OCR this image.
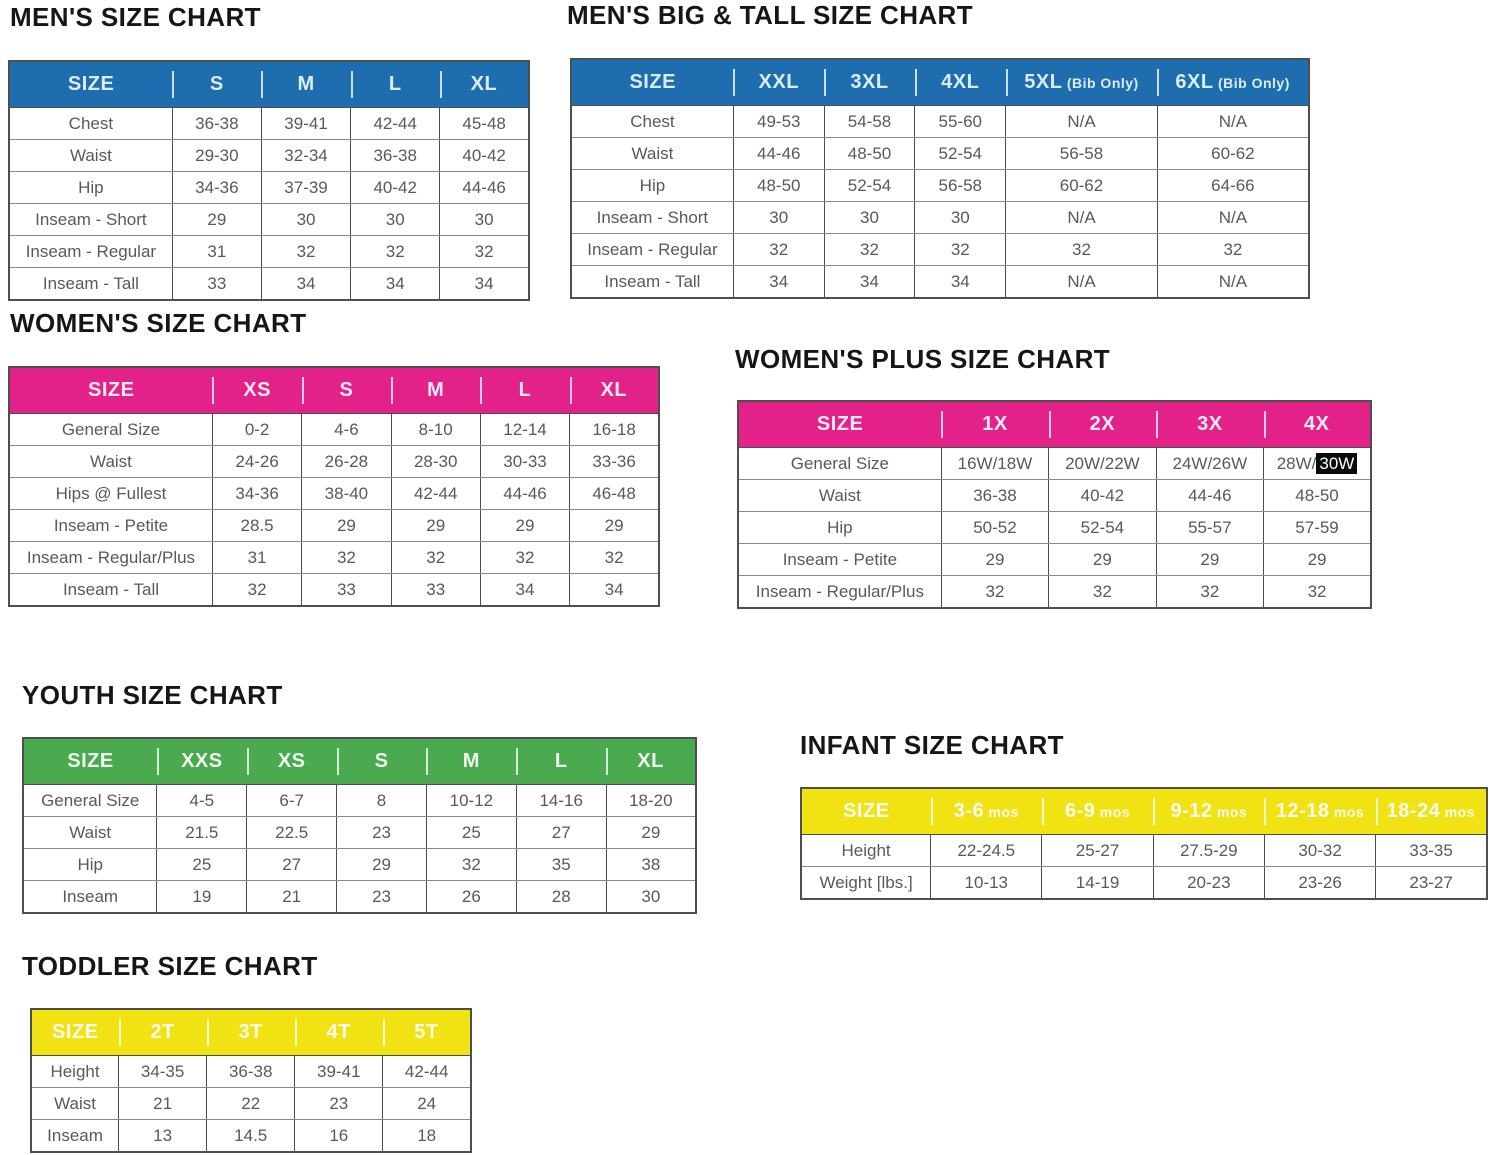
MEN'S SIZE CHART
SIZE	S	M	L	XL
Chest	36-38	39-41	42-44	45-48
Waist	29-30	32-34	36-38	40-42
Hip	34-36	37-39	40-42	44-46
Inseam - Short	29	30	30	30
Inseam - Regular	31	32	32	32
Inseam - Tall	33	34	34	34
MEN'S BIG & TALL SIZE CHART
SIZE	XXL	3XL	4XL	5XL (Bib Only)	6XL (Bib Only)
Chest	49-53	54-58	55-60	N/A	N/A
Waist	44-46	48-50	52-54	56-58	60-62
Hip	48-50	52-54	56-58	60-62	64-66
Inseam - Short	30	30	30	N/A	N/A
Inseam - Regular	32	32	32	32	32
Inseam - Tall	34	34	34	N/A	N/A
WOMEN'S SIZE CHART
SIZE	XS	S	M	L	XL
General Size	0-2	4-6	8-10	12-14	16-18
Waist	24-26	26-28	28-30	30-33	33-36
Hips @ Fullest	34-36	38-40	42-44	44-46	46-48
Inseam - Petite	28.5	29	29	29	29
Inseam - Regular/Plus	31	32	32	32	32
Inseam - Tall	32	33	33	34	34
WOMEN'S PLUS SIZE CHART
SIZE	1X	2X	3X	4X
General Size	16W/18W	20W/22W	24W/26W	28W/ 30W
Waist	36-38	40-42	44-46	48-50
Hip	50-52	52-54	55-57	57-59
Inseam - Petite	29	29	29	29
Inseam - Regular/Plus	32	32	32	32
YOUTH SIZE CHART
SIZE	XXS	XS	S	M	L	XL
General Size	4-5	6-7	8	10-12	14-16	18-20
Waist	21.5	22.5	23	25	27	29
Hip	25	27	29	32	35	38
Inseam	19	21	23	26	28	30
INFANT SIZE CHART
SIZE	3-6 mos	6-9 mos	9-12 mos	12-18 mos	18-24 mos
Height	22-24.5	25-27	27.5-29	30-32	33-35
Weight [lbs.]	10-13	14-19	20-23	23-26	23-27
TODDLER SIZE CHART
SIZE	2T	3T	4T	5T
Height	34-35	36-38	39-41	42-44
Waist	21	22	23	24
Inseam	13	14.5	16	18
